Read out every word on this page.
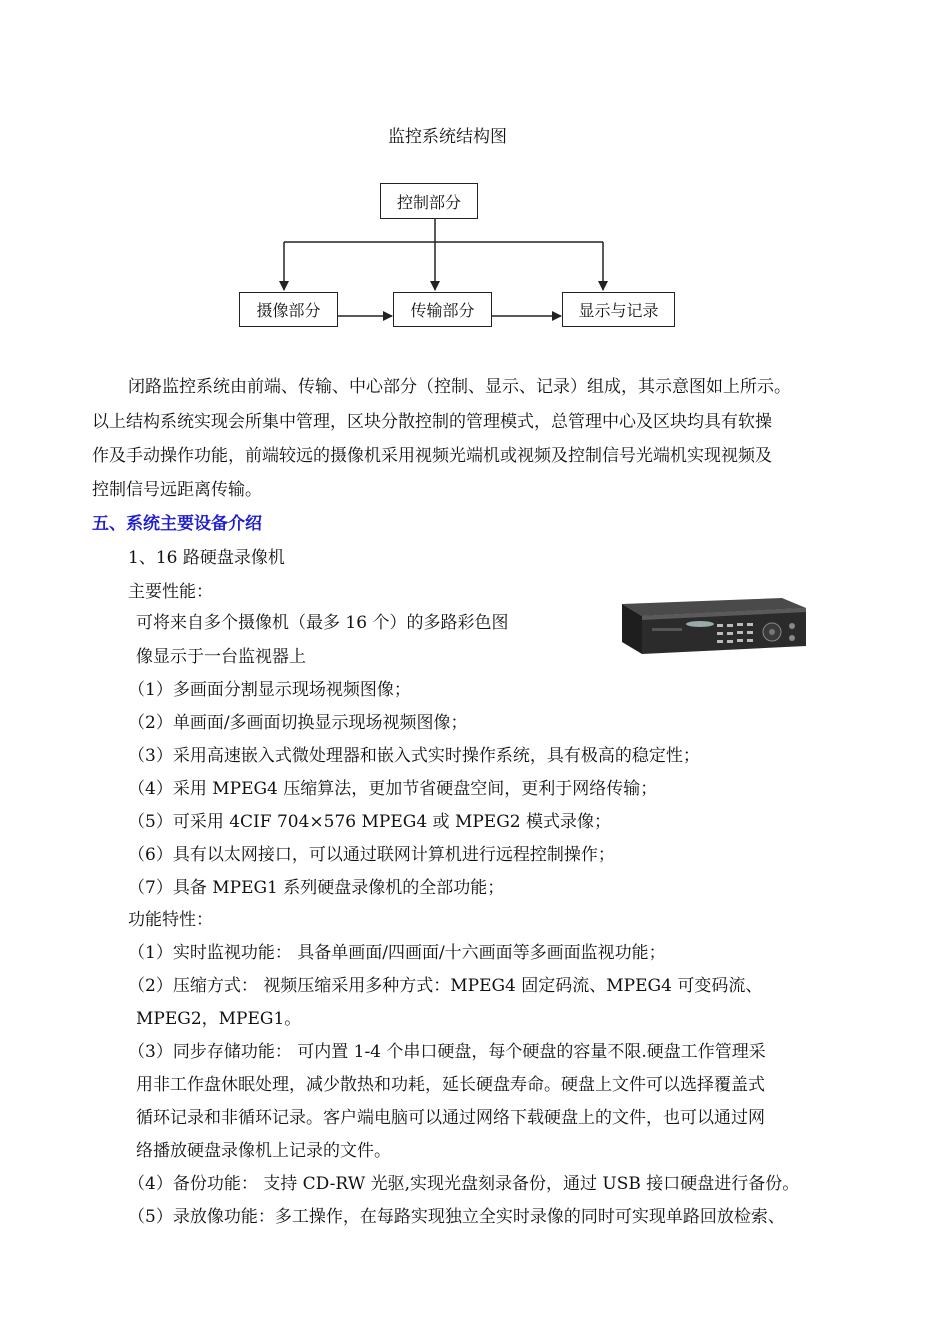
监控系统结构图
控制部分
摄像部分	传输部分	显示与记录
闭路监控系统由前端、传输、中心部分（控制、显示、记录）组成，其示意图如上所示。
以上结构系统实现会所集中管理，区块分散控制的管理模式，总管理中心及区块均具有软操
作及手动操作功能，前端较远的摄像机采用视频光端机或视频及控制信号光端机实现视频及
控制信号远距离传输。
五、系统主要设备介绍
1、16 路硬盘录像机
主要性能：
可将来自多个摄像机（最多 16 个）的多路彩色图
像显示于一台监视器上
（1）多画面分割显示现场视频图像；
（2）单画面/多画面切换显示现场视频图像；
（3）采用高速嵌入式微处理器和嵌入式实时操作系统，具有极高的稳定性；
（4）采用 MPEG4 压缩算法，更加节省硬盘空间，更利于网络传输；
（5）可采用 4CIF 704×576 MPEG4 或 MPEG2 模式录像；
（6）具有以太网接口，可以通过联网计算机进行远程控制操作；
（7）具备 MPEG1 系列硬盘录像机的全部功能；
功能特性：
（1）实时监视功能： 具备单画面/四画面/十六画面等多画面监视功能；
（2）压缩方式： 视频压缩采用多种方式：MPEG4 固定码流、MPEG4 可变码流、
MPEG2，MPEG1。
（3）同步存储功能： 可内置 1-4 个串口硬盘，每个硬盘的容量不限.硬盘工作管理采
用非工作盘休眠处理，减少散热和功耗，延长硬盘寿命。硬盘上文件可以选择覆盖式
循环记录和非循环记录。客户端电脑可以通过网络下载硬盘上的文件，也可以通过网
络播放硬盘录像机上记录的文件。
（4）备份功能： 支持 CD-RW 光驱,实现光盘刻录备份，通过 USB 接口硬盘进行备份。
（5）录放像功能：多工操作，在每路实现独立全实时录像的同时可实现单路回放检索、
